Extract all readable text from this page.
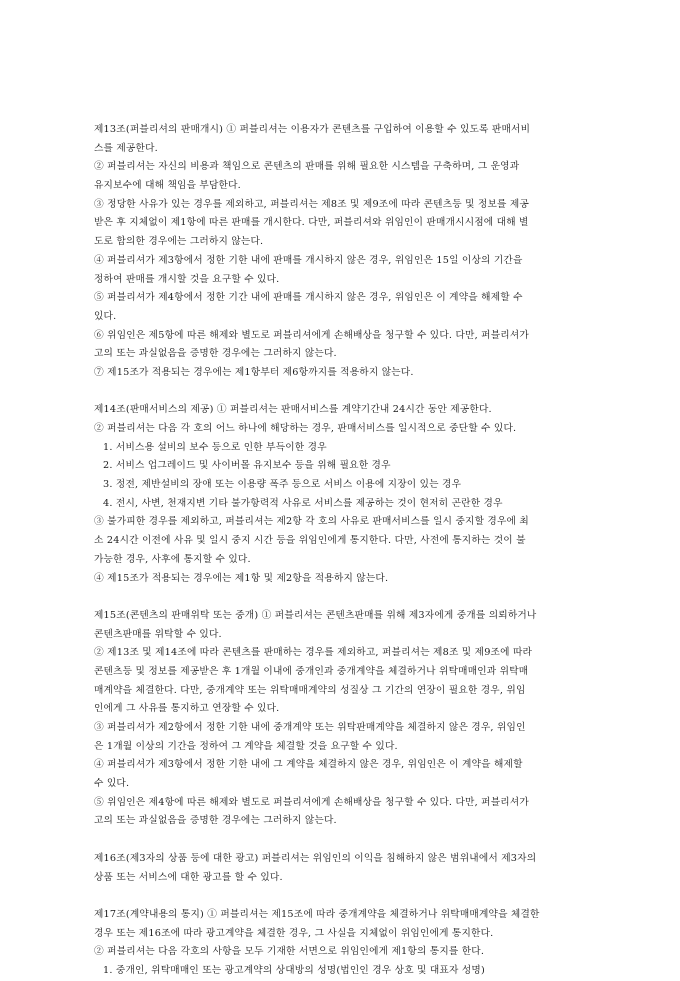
제13조(퍼블리셔의 판매개시) ① 퍼블리셔는 이용자가 콘텐츠를 구입하여 이용할 수 있도록 판매서비
스를 제공한다.
② 퍼블리셔는 자신의 비용과 책임으로 콘텐츠의 판매를 위해 필요한 시스템을 구축하며, 그 운영과
유지보수에 대해 책임을 부담한다.
③ 정당한 사유가 있는 경우를 제외하고, 퍼블리셔는 제8조 및 제9조에 따라 콘텐츠등 및 정보를 제공
받은 후 지체없이 제1항에 따른 판매를 개시한다. 다만, 퍼블리셔와 위임인이 판매개시시점에 대해 별
도로 합의한 경우에는 그러하지 않는다.
④ 퍼블리셔가 제3항에서 정한 기한 내에 판매를 개시하지 않은 경우, 위임인은 15일 이상의 기간을
정하여 판매를 개시할 것을 요구할 수 있다.
⑤ 퍼블리셔가 제4항에서 정한 기간 내에 판매를 개시하지 않은 경우, 위임인은 이 계약을 해제할 수
있다.
⑥ 위임인은 제5항에 따른 해제와 별도로 퍼블리셔에게 손해배상을 청구할 수 있다. 다만, 퍼블리셔가
고의 또는 과실없음을 증명한 경우에는 그러하지 않는다.
⑦ 제15조가 적용되는 경우에는 제1항부터 제6항까지를 적용하지 않는다.
제14조(판매서비스의 제공) ① 퍼블리셔는 판매서비스를 계약기간내 24시간 동안 제공한다.
② 퍼블리셔는 다음 각 호의 어느 하나에 해당하는 경우, 판매서비스를 일시적으로 중단할 수 있다.
1. 서비스용 설비의 보수 등으로 인한 부득이한 경우
2. 서비스 업그레이드 및 사이버몰 유지보수 등을 위해 필요한 경우
3. 정전, 제반설비의 장애 또는 이용량 폭주 등으로 서비스 이용에 지장이 있는 경우
4. 전시, 사변, 천재지변 기타 불가항력적 사유로 서비스를 제공하는 것이 현저히 곤란한 경우
③ 불가피한 경우를 제외하고, 퍼블리셔는 제2항 각 호의 사유로 판매서비스를 일시 중지할 경우에 최
소 24시간 이전에 사유 및 일시 중지 시간 등을 위임인에게 통지한다. 다만, 사전에 통지하는 것이 불
가능한 경우, 사후에 통지할 수 있다.
④ 제15조가 적용되는 경우에는 제1항 및 제2항을 적용하지 않는다.
제15조(콘텐츠의 판매위탁 또는 중개) ① 퍼블리셔는 콘텐츠판매를 위해 제3자에게 중개를 의뢰하거나
콘텐츠판매를 위탁할 수 있다.
② 제13조 및 제14조에 따라 콘텐츠를 판매하는 경우를 제외하고, 퍼블리셔는 제8조 및 제9조에 따라
콘텐츠등 및 정보를 제공받은 후 1개월 이내에 중개인과 중개계약을 체결하거나 위탁매매인과 위탁매
매계약을 체결한다. 다만, 중개계약 또는 위탁매매계약의 성질상 그 기간의 연장이 필요한 경우, 위임
인에게 그 사유를 통지하고 연장할 수 있다.
③ 퍼블리셔가 제2항에서 정한 기한 내에 중개계약 또는 위탁판매계약을 체결하지 않은 경우, 위임인
은 1개월 이상의 기간을 정하여 그 계약을 체결할 것을 요구할 수 있다.
④ 퍼블리셔가 제3항에서 정한 기한 내에 그 계약을 체결하지 않은 경우, 위임인은 이 계약을 해제할
수 있다.
⑤ 위임인은 제4항에 따른 해제와 별도로 퍼블리셔에게 손해배상을 청구할 수 있다. 다만, 퍼블리셔가
고의 또는 과실없음을 증명한 경우에는 그러하지 않는다.
제16조(제3자의 상품 등에 대한 광고) 퍼블리셔는 위임인의 이익을 침해하지 않은 범위내에서 제3자의
상품 또는 서비스에 대한 광고를 할 수 있다.
제17조(계약내용의 통지) ① 퍼블리셔는 제15조에 따라 중개계약을 체결하거나 위탁매매계약을 체결한
경우 또는 제16조에 따라 광고계약을 체결한 경우, 그 사실을 지체없이 위임인에게 통지한다.
② 퍼블리셔는 다음 각호의 사항을 모두 기재한 서면으로 위임인에게 제1항의 통지를 한다.
1. 중개인, 위탁매매인 또는 광고계약의 상대방의 성명(법인인 경우 상호 및 대표자 성명)
